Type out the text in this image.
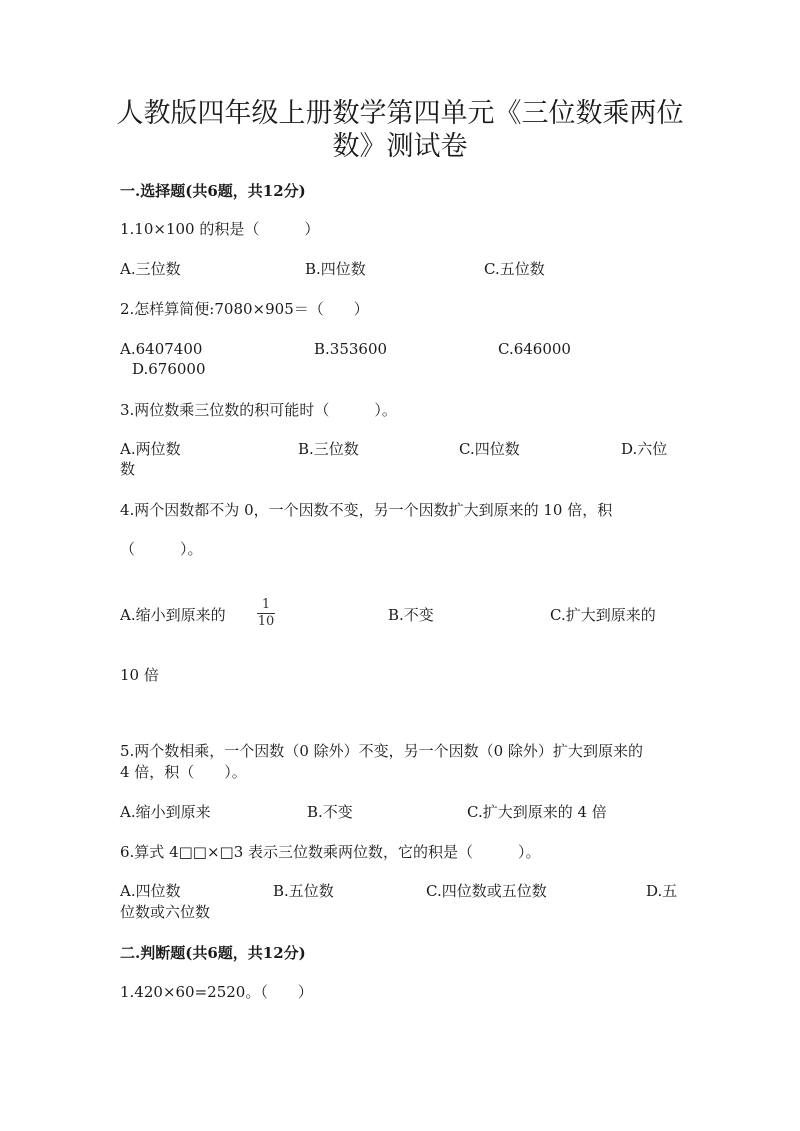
人教版四年级上册数学第四单元《三位数乘两位
数》测试卷
一.选择题(共6题，共12分)
1.10×100 的积是（　　　）
A.三位数	B.四位数	C.五位数
2.怎样算简便:7080×905＝（　　）
A.6407400	B.353600	C.646000
D.676000
3.两位数乘三位数的积可能时（　　　）。
A.两位数	B.三位数	C.四位数	D.六位
数
4.两个因数都不为 0，一个因数不变，另一个因数扩大到原来的 10 倍，积
（　　　）。
A.缩小到原来的
1
10	B.不变	C.扩大到原来的
10 倍
5.两个数相乘，一个因数（0 除外）不变，另一个因数（0 除外）扩大到原来的
4 倍，积（　　）。
A.缩小到原来	B.不变	C.扩大到原来的 4 倍
6.算式 4□□×□3 表示三位数乘两位数，它的积是（　　　）。
A.四位数	B.五位数	C.四位数或五位数	D.五
位数或六位数
二.判断题(共6题，共12分)
1.420×60=2520。（　　）
